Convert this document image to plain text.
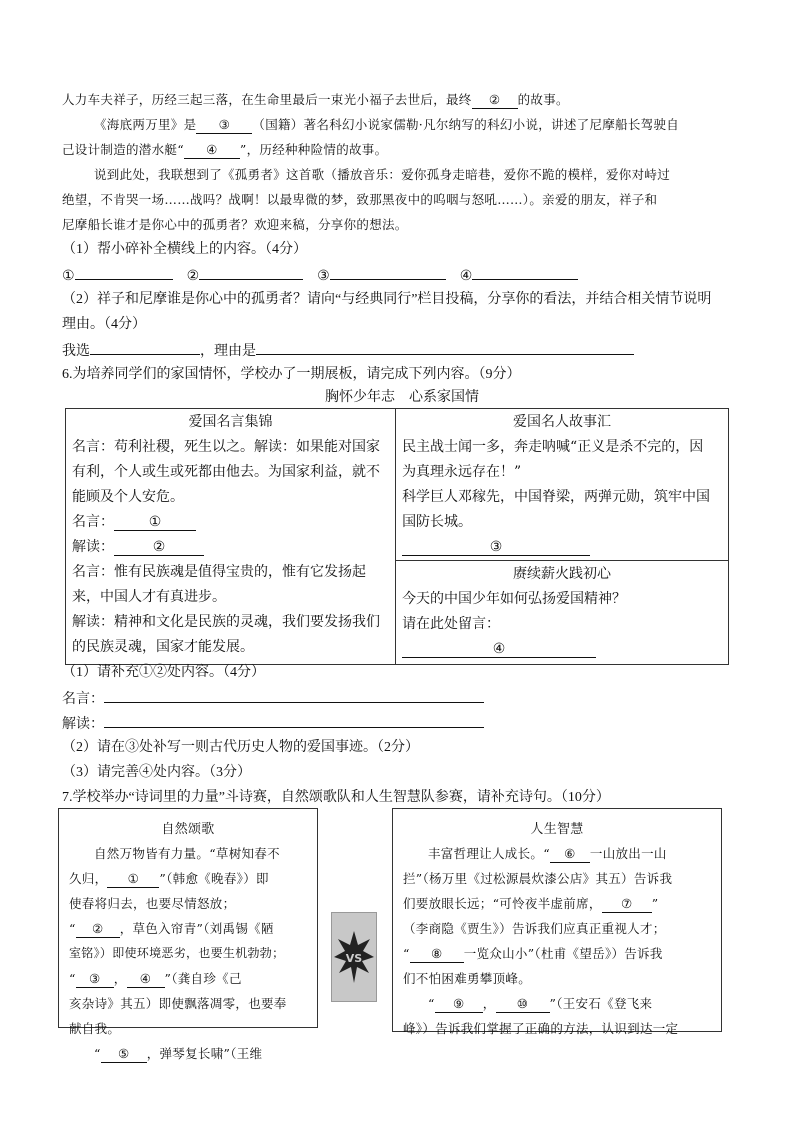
人力车夫祥子，历经三起三落，在生命里最后一束光小福子去世后，最终 ② 的故事。
《海底两万里》是 ③ （国籍）著名科幻小说家儒勒·凡尔纳写的科幻小说，讲述了尼摩船长驾驶自
己设计制造的潜水艇“ ④ ”，历经种种险情的故事。
说到此处，我联想到了《孤勇者》这首歌（播放音乐：爱你孤身走暗巷，爱你不跪的模样，爱你对峙过
绝望，不肯哭一场……战吗？战啊！以最卑微的梦，致那黑夜中的呜咽与怒吼……）。亲爱的朋友，祥子和
尼摩船长谁才是你心中的孤勇者？欢迎来稿，分享你的想法。
（1）帮小碎补全横线上的内容。（4分）
①	②	③	④
（2）祥子和尼摩谁是你心中的孤勇者？请向“与经典同行”栏目投稿，分享你的看法，并结合相关情节说明
理由。（4分）
我选	，理由是
6.为培养同学们的家国情怀，学校办了一期展板，请完成下列内容。（9分）
胸怀少年志　心系家国情
爱国名言集锦
名言：苟利社稷，死生以之。解读：如果能对国家
有利，个人或生或死都由他去。为国家利益，就不
能顾及个人安危。
名言： ①
解读：	②
名言：惟有民族魂是值得宝贵的，惟有它发扬起
来，中国人才有真进步。
解读：精神和文化是民族的灵魂，我们要发扬我们
的民族灵魂，国家才能发展。

爱国名人故事汇
民主战士闻一多，奔走呐喊“正义是杀不完的，因
为真理永远存在！”
科学巨人邓稼先，中国脊梁，两弹元勋，筑牢中国
国防长城。
③
赓续薪火践初心
今天的中国少年如何弘扬爱国精神？
请在此处留言：
④
（1）请补充①②处内容。（4分）
名言：
解读：
（2）请在③处补写一则古代历史人物的爱国事迹。（2分）
（3）请完善④处内容。（3分）
7.学校举办“诗词里的力量”斗诗赛，自然颂歌队和人生智慧队参赛，请补充诗句。（10分）
自然颂歌
自然万物皆有力量。“草树知春不
久归， ① ”（韩愈《晚春》）即
使春将归去，也要尽情怒放；
“ ② ，草色入帘青”（刘禹锡《陋
室铭》）即使环境恶劣，也要生机勃勃；
“ ③ ， ④ ”（龚自珍《己
亥杂诗》其五）即使飘落凋零，也要奉
献自我。
“ ⑤ ，弹琴复长啸”（王维
VS
人生智慧
丰富哲理让人成长。“ ⑥ 一山放出一山
拦”（杨万里《过松源晨炊漆公店》其五）告诉我
们要放眼长远；“可怜夜半虚前席， ⑦ ”
（李商隐《贾生》）告诉我们应真正重视人才；
“ ⑧ 一览众山小”（杜甫《望岳》）告诉我
们不怕困难勇攀顶峰。
“ ⑨ ， ⑩ ”（王安石《登飞来
峰》）告诉我们掌握了正确的方法，认识到达一定
